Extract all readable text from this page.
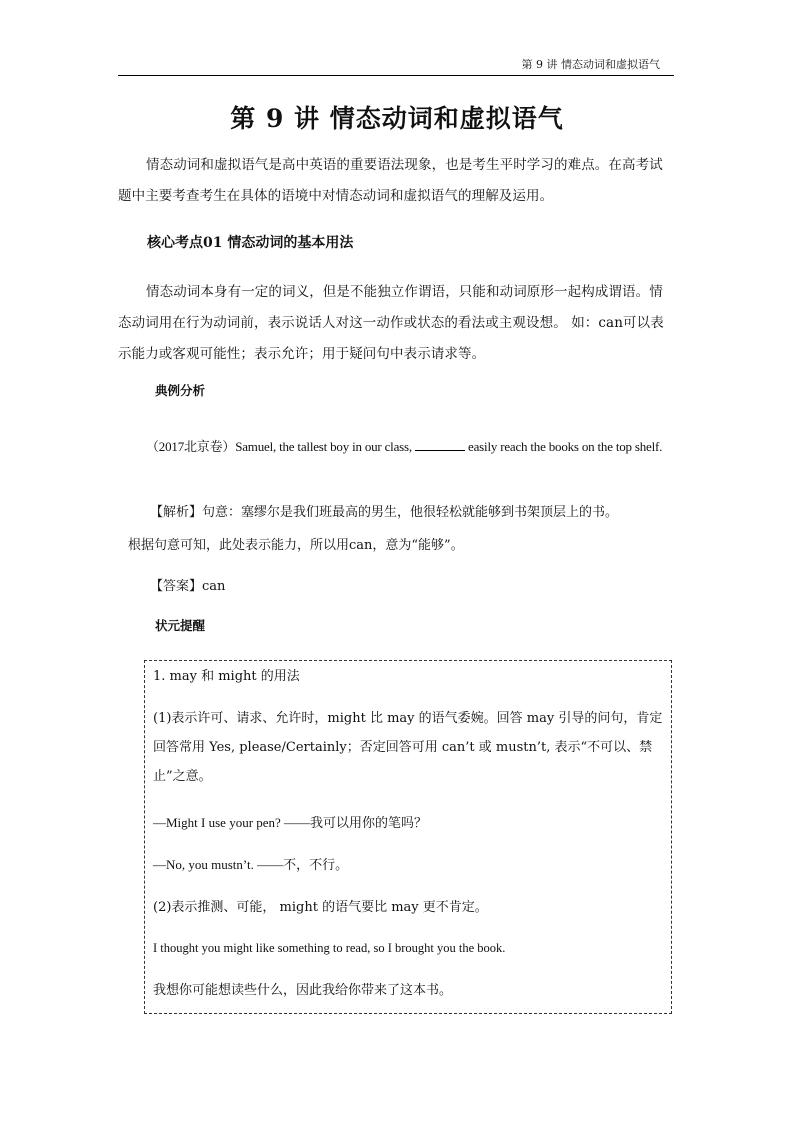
第 9 讲 情态动词和虚拟语气
第 9 讲 情态动词和虚拟语气

情态动词和虚拟语气是高中英语的重要语法现象，也是考生平时学习的难点。在高考试题中主要考查考生在具体的语境中对情态动词和虚拟语气的理解及运用。

核心考点01 情态动词的基本用法

情态动词本身有一定的词义，但是不能独立作谓语，只能和动词原形一起构成谓语。情态动词用在行为动词前，表示说话人对这一动作或状态的看法或主观设想。 如：can可以表示能力或客观可能性；表示允许；用于疑问句中表示请求等。

典例分析

（2017北京卷）Samuel, the tallest boy in our class,	easily reach the books on the top shelf.

【解析】句意：塞缪尔是我们班最高的男生，他很轻松就能够到书架顶层上的书。
根据句意可知，此处表示能力，所以用can，意为“能够”。
【答案】can
状元提醒

1. may 和 might 的用法

(1)表示许可、请求、允许时，might 比 may 的语气委婉。回答 may 引导的问句，肯定回答常用 Yes, please/Certainly；否定回答可用 can’t 或 mustn’t, 表示“不可以、禁止”之意。

—Might I use your pen? ——我可以用你的笔吗？

—No, you mustn’t. ——不，不行。

(2)表示推测、可能， might 的语气要比 may 更不肯定。

I thought you might like something to read, so I brought you the book.

我想你可能想读些什么，因此我给你带来了这本书。
